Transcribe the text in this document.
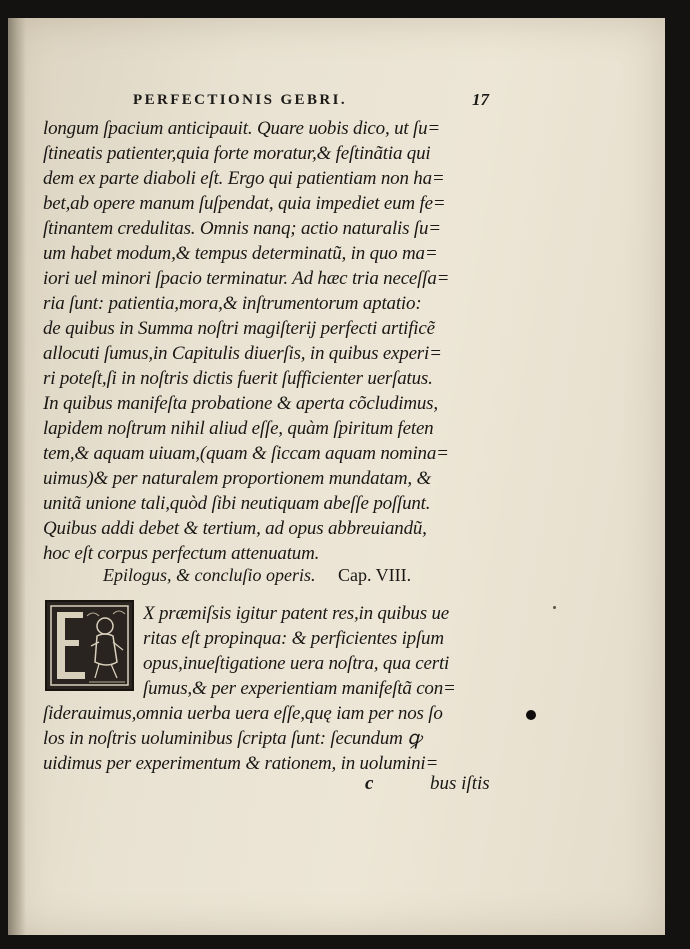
PERFECTIONIS GEBRI.	17
longum ſpacium anticipauit. Quare uobis dico, ut ſu=
ſtineatis patienter,quia forte moratur,& feſtinãtia qui
dem ex parte diaboli eſt. Ergo qui patientiam non ha=
bet,ab opere manum ſuſpendat, quia impediet eum fe=
ſtinantem credulitas. Omnis nanq; actio naturalis ſu=
um habet modum,& tempus determinatũ, in quo ma=
iori uel minori ſpacio terminatur. Ad hæc tria neceſſa=
ria ſunt: patientia,mora,& inſtrumentorum aptatio:
de quibus in Summa noſtri magiſterij perfecti artificẽ
allocuti ſumus,in Capitulis diuerſis, in quibus experi=
ri poteſt,ſi in noſtris dictis fuerit ſufficienter uerſatus.
In quibus manifeſta probatione & aperta cõcludimus,
lapidem noſtrum nihil aliud eſſe, quàm ſpiritum feten
tem,& aquam uiuam,(quam & ſiccam aquam nomina=
uimus)& per naturalem proportionem mundatam, &
unitã unione tali,quòd ſibi neutiquam abeſſe poſſunt.
Quibus addi debet & tertium, ad opus abbreuiandũ,
hoc eſt corpus perfectum attenuatum.
Epilogus, & concluſio operis. Cap. VIII.
X præmiſsis igitur patent res,in quibus ue
ritas eſt propinqua: & perficientes ipſum
opus,inueſtigatione uera noſtra, qua certi
ſumus,& per experientiam manifeſtã con=
ſiderauimus,omnia uerba uera eſſe,quę iam per nos ſo
los in noſtris uoluminibus ſcripta ſunt: ſecundum ꝙ
uidimus per experimentum & rationem, in uolumini=
c	bus iſtis
